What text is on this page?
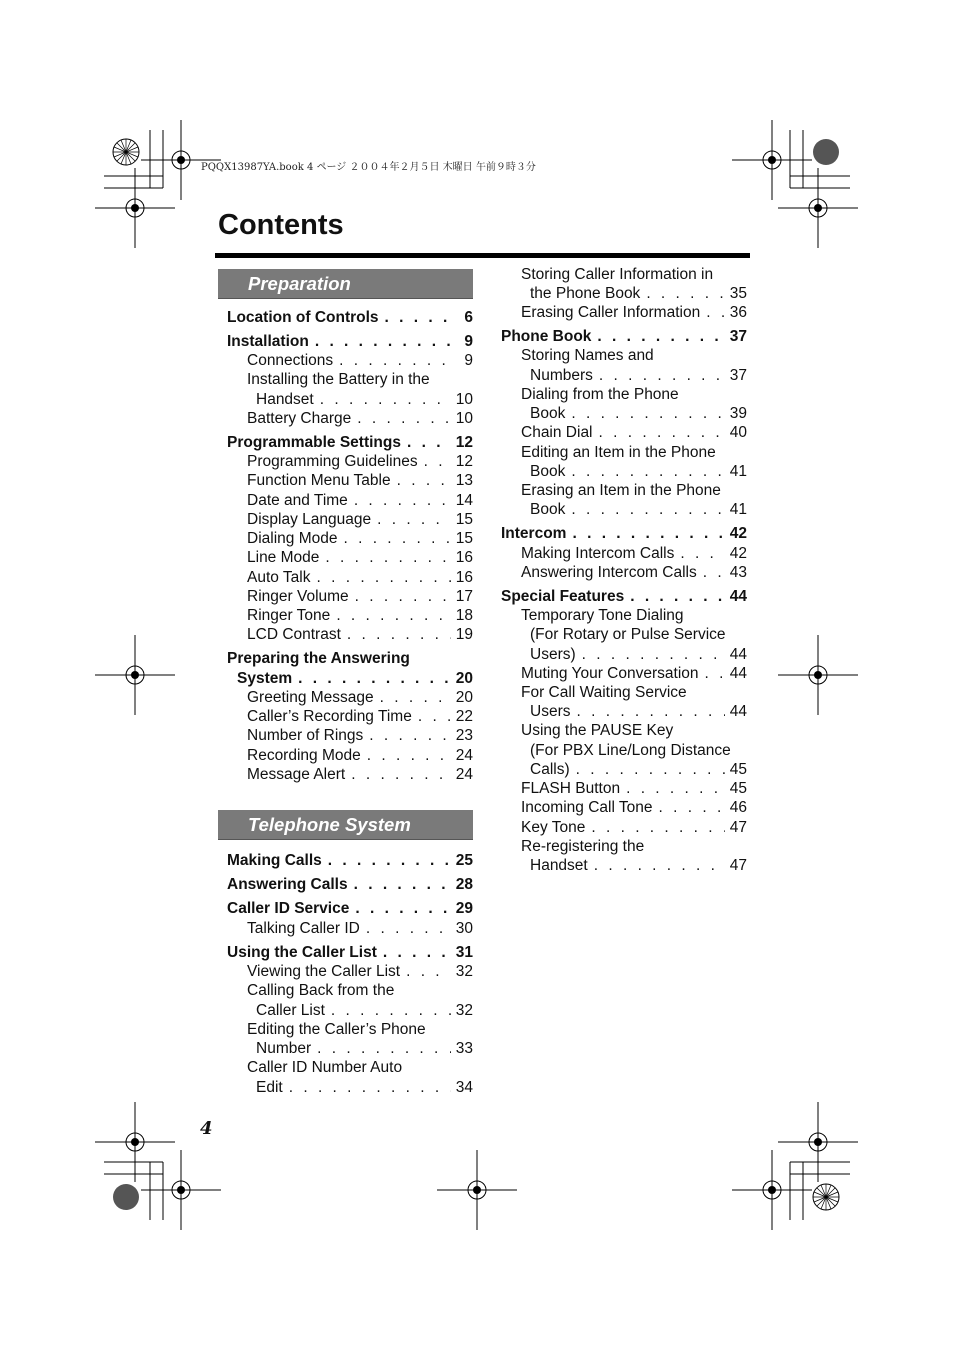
PQQX13987YA.book 4 ページ ２００４年２月５日 木曜日 午前９時３分
Contents
Preparation
Telephone System
Location of Controls . . .	6
Installation . . .	9
Connections . . .	9
Installing the Battery in the
Handset . . .	10
Battery Charge . . .	10
Programmable Settings . . .	12
Programming Guidelines . . . 12
Function Menu Table . . .	13
Date and Time . . .	14
Display Language . . .	15
Dialing Mode . . .	15
Line Mode . . .	16
Auto Talk . . .	16
Ringer Volume . . .	17
Ringer Tone . . .	18
LCD Contrast . . .	19
Preparing the Answering
System . . .	20
Greeting Message . . .	20
Caller’s Recording Time . . .	22
Number of Rings . . .	23
Recording Mode . . .	24
Message Alert . . .	24
Making Calls . . .	25
Answering Calls . . .	28
Caller ID Service . . .	29
Talking Caller ID . . .	30
Using the Caller List . . .	31
Viewing the Caller List . . .	32
Calling Back from the
Caller List . . .	32
Editing the Caller’s Phone
Number . . .	33
Caller ID Number Auto
Edit . . .	34
Storing Caller Information in
the Phone Book . . .	35
Erasing Caller Information . . . 36
Phone Book . . .	37
Storing Names and
Numbers . . .	37
Dialing from the Phone
Book . . .	39
Chain Dial . . .	40
Editing an Item in the Phone
Book . . .	41
Erasing an Item in the Phone
Book . . .	41
Intercom . . .	42
Making Intercom Calls . . .	42
Answering Intercom Calls . . . 43
Special Features . . .	44
Temporary Tone Dialing
(For Rotary or Pulse Service
Users) . . .	44
Muting Your Conversation . . . 44
For Call Waiting Service
Users . . .	44
Using the PAUSE Key
(For PBX Line/Long Distance
Calls) . . .	45
FLASH Button . . .	45
Incoming Call Tone . . .	46
Key Tone . . .	47
Re-registering the
Handset . . .	47
4
